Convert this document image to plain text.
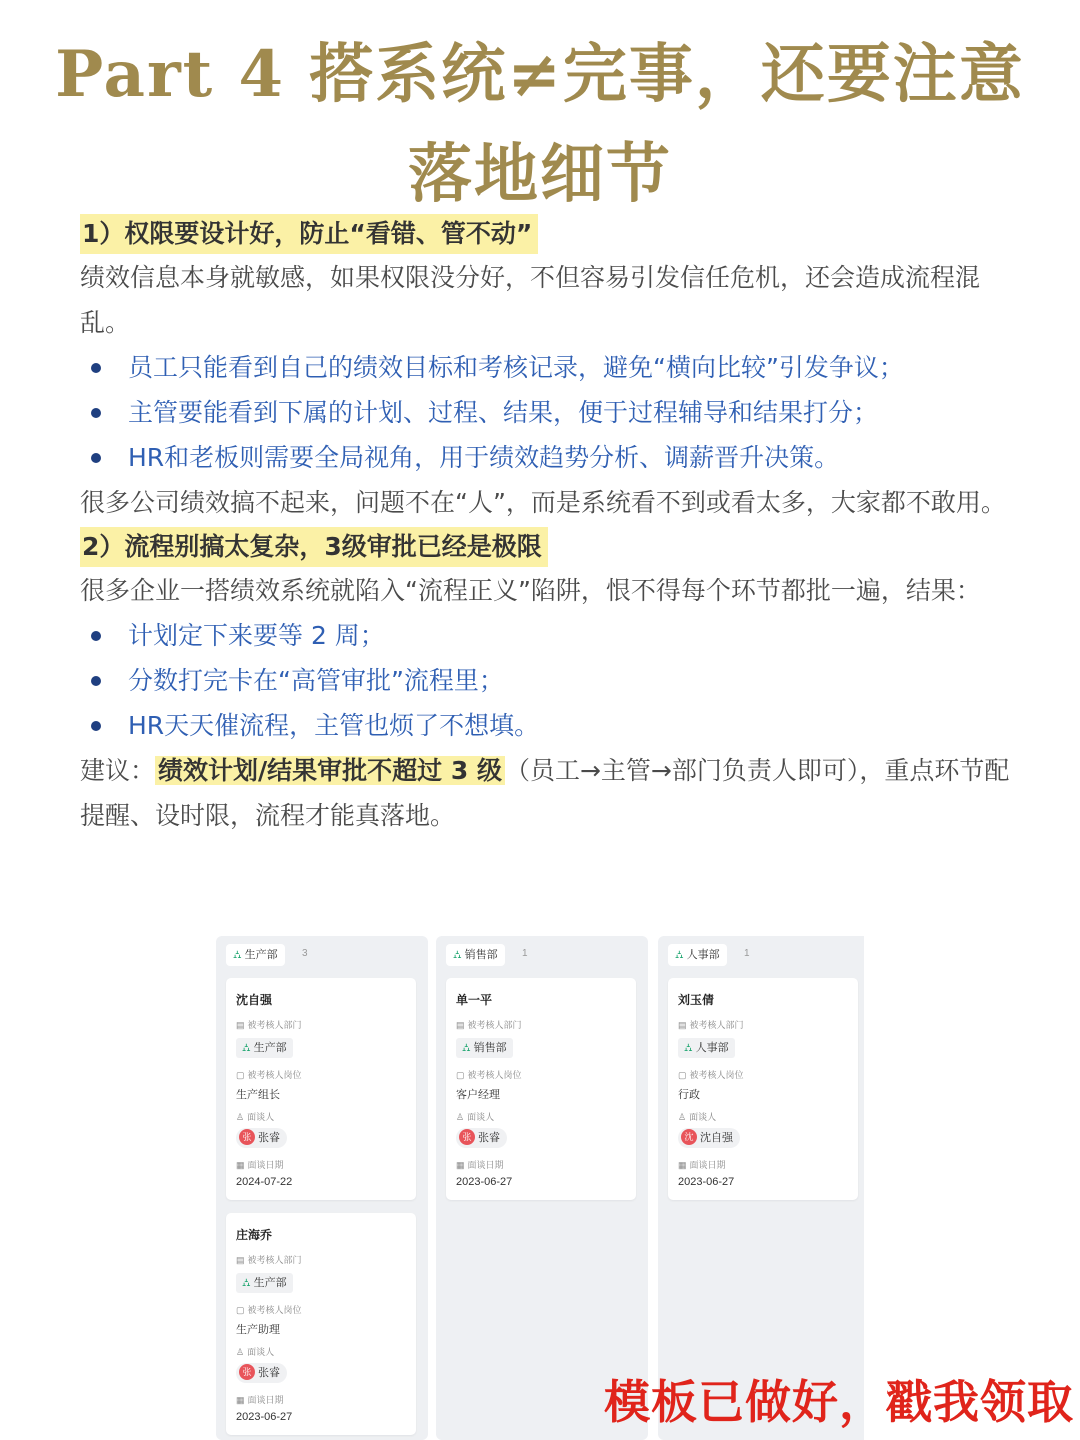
Part 4 搭系统≠完事，还要注意
落地细节
1）权限要设计好，防止“看错、管不动”

绩效信息本身就敏感，如果权限没分好，不但容易引发信任危机，还会造成流程混乱。

员工只能看到自己的绩效目标和考核记录，避免“横向比较”引发争议；
主管要能看到下属的计划、过程、结果，便于过程辅导和结果打分；
HR和老板则需要全局视角，用于绩效趋势分析、调薪晋升决策。

很多公司绩效搞不起来，问题不在“人”，而是系统看不到或看太多，大家都不敢用。

2）流程别搞太复杂，3级审批已经是极限

很多企业一搭绩效系统就陷入“流程正义”陷阱，恨不得每个环节都批一遍，结果：

计划定下来要等 2 周；
分数打完卡在“高管审批”流程里；
HR天天催流程，主管也烦了不想填。

建议： 绩效计划/结果审批不超过 3 级 （员工→主管→部门负责人即可），重点环节配提醒、设时限，流程才能真落地。

⛼ 生产部	3
沈自强
▤ 被考核人部门
⛼ 生产部
▢ 被考核人岗位
生产组长
♙ 面谈人
张 张睿
▦ 面谈日期
2024-07-22
庄海乔
▤ 被考核人部门
⛼ 生产部
▢ 被考核人岗位
生产助理
♙ 面谈人
张 张睿
▦ 面谈日期
2023-06-27
⛼ 销售部	1
单一平
▤ 被考核人部门
⛼ 销售部
▢ 被考核人岗位
客户经理
♙ 面谈人
张 张睿
▦ 面谈日期
2023-06-27
⛼ 人事部	1
刘玉倩
▤ 被考核人部门
⛼ 人事部
▢ 被考核人岗位
行政
♙ 面谈人
沈 沈自强
▦ 面谈日期
2023-06-27
模板已做好，戳我领取
